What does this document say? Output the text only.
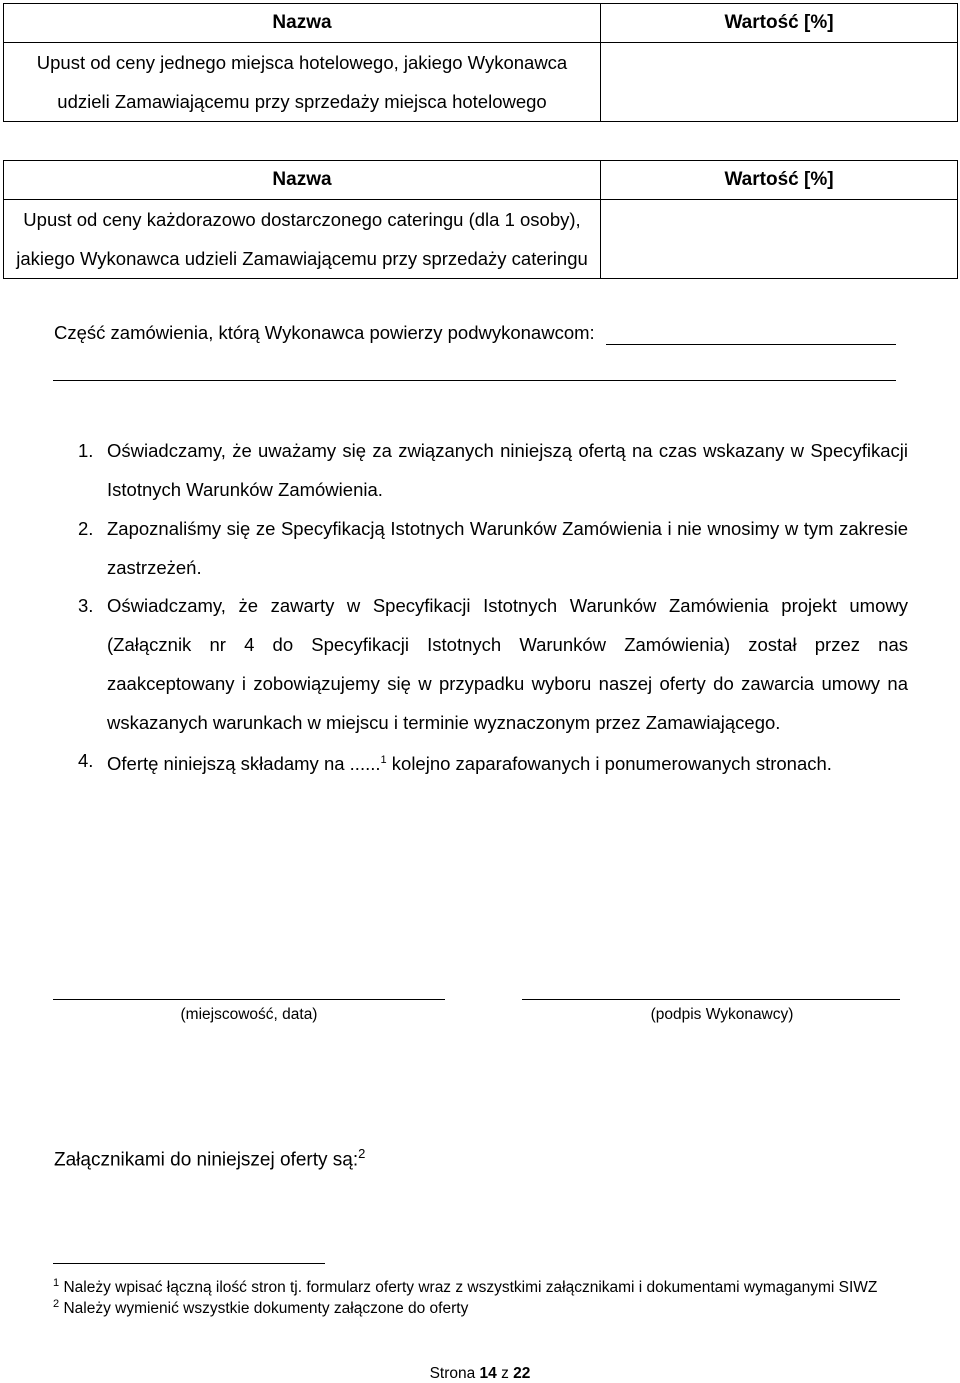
Nazwa	Wartość [%]

Upust od ceny jednego miejsca hotelowego, jakiego Wykonawca
udzieli Zamawiającemu przy sprzedaży miejsca hotelowego	

Nazwa	Wartość [%]

Upust od ceny każdorazowo dostarczonego cateringu (dla 1 osoby),
jakiego Wykonawca udzieli Zamawiającemu przy sprzedaży cateringu	

Część zamówienia, którą Wykonawca powierzy podwykonawcom:
1. Oświadczamy, że uważamy się za związanych niniejszą ofertą na czas wskazany w Specyfikacji Istotnych Warunków Zamówienia.
2. Zapoznaliśmy się ze Specyfikacją Istotnych Warunków Zamówienia i nie wnosimy w tym zakresie zastrzeżeń.
3. Oświadczamy, że zawarty w Specyfikacji Istotnych Warunków Zamówienia projekt umowy (Załącznik nr 4 do Specyfikacji Istotnych Warunków Zamówienia) został przez nas zaakceptowany i zobowiązujemy się w przypadku wyboru naszej oferty do zawarcia umowy na wskazanych warunkach w miejscu i terminie wyznaczonym przez Zamawiającego.
4. Ofertę niniejszą składamy na ......$^1$ kolejno zaparafowanych i ponumerowanych stronach.
(miejscowość, data)	(podpis Wykonawcy)
Załącznikami do niniejszej oferty są:$^2$
$^1$ Należy wpisać łączną ilość stron tj. formularz oferty wraz z wszystkimi załącznikami i dokumentami wymaganymi SIWZ
$^2$ Należy wymienić wszystkie dokumenty załączone do oferty
Strona 14 z 22
